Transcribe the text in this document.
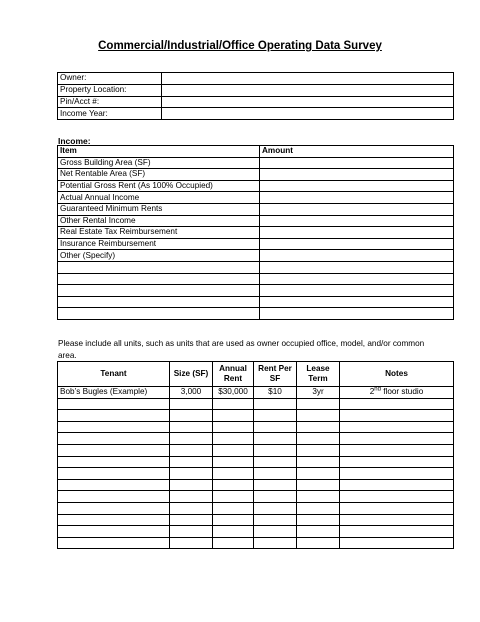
Commercial/Industrial/Office Operating Data Survey
Owner:	
Property Location:	
Pin/Acct #:	
Income Year:	
Income:
Item	Amount
Gross Building Area (SF)	
Net Rentable Area (SF)	
Potential Gross Rent (As 100% Occupied)	
Actual Annual Income	
Guaranteed Minimum Rents	
Other Rental Income	
Real Estate Tax Reimbursement	
Insurance Reimbursement	
Other (Specify)	

Please include all units, such as units that are used as owner occupied office, model, and/or common area.
Tenant	Size (SF)	Annual Rent	Rent Per SF	Lease Term	Notes
Bob’s Bugles (Example)	3,000	$30,000	$10	3yr	2nd floor studio
